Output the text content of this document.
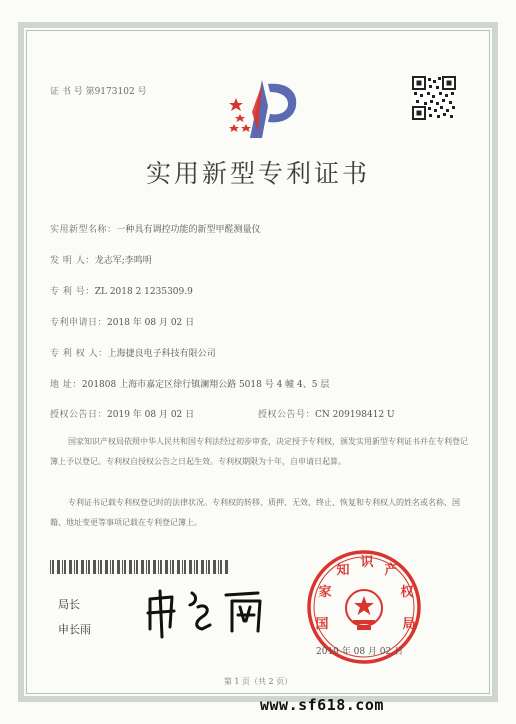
证 书 号 第9173102 号
实用新型专利证书
实用新型名称：一种具有调控功能的新型甲醛测量仪
发 明 人：龙志军;李鸣明
专 利 号：ZL 2018 2 1235309.9
专利申请日：2018 年 08 月 02 日
专 利 权 人：上海捷良电子科技有限公司
地 址：201808 上海市嘉定区徐行镇澜翔公路 5018 号 4 幢 4、5 层
授权公告日：2019 年 08 月 02 日	授权公告号：CN 209198412 U
国家知识产权局依照中华人民共和国专利法经过初步审查，决定授予专利权，颁发实用新型专利证书并在专利登记簿上予以登记。专利权自授权公告之日起生效。专利权期限为十年，自申请日起算。
专利证书记载专利权登记时的法律状况。专利权的转移、质押、无效、终止、恢复和专利权人的姓名或名称、国籍、地址变更等事项记载在专利登记簿上。
局长
申长雨	国
家
知
识
产
权
局
2019 年 08 月 02 日
第 1 页（共 2 页）
www.sf618.com
